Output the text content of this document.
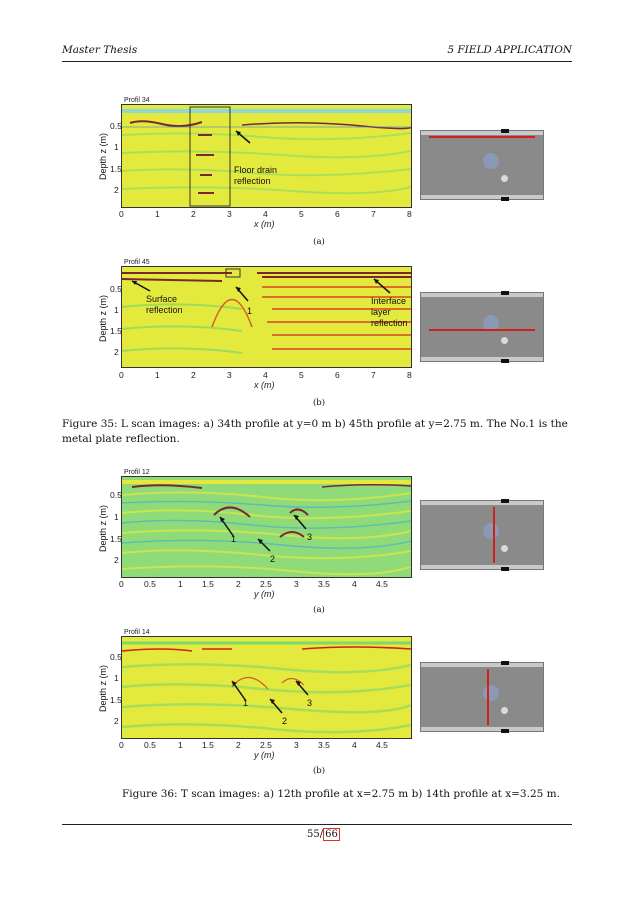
Master Thesis	5 FIELD APPLICATION
Profil 34
Floor drain reflection
Depth z (m)
0.5
1
1.5
2
0	1	2	3	4	5	6	7	8
x (m)
(a)
Profil 45
Surface reflection	1
Interface layer reflection
Depth z (m)
0.5
1
1.5
2
0	1	2	3	4	5	6	7	8
x (m)
(b)
Figure 35: L scan images: a) 34th profile at y=0 m b) 45th profile at y=2.75 m. The No.1 is the metal plate reflection.
Profil 12
1
2
3
Depth z (m)
0.5
1
1.5
2
0 0.5	1 1.5	2 2.5	3 3.5	4 4.5
y (m)
(a)
Profil 14
1
2
3
Depth z (m)
0.5
1
1.5
2
0 0.5	1 1.5	2 2.5	3 3.5	4 4.5
y (m)
(b)
Figure 36: T scan images: a) 12th profile at x=2.75 m b) 14th profile at x=3.25 m.
55/ 66
